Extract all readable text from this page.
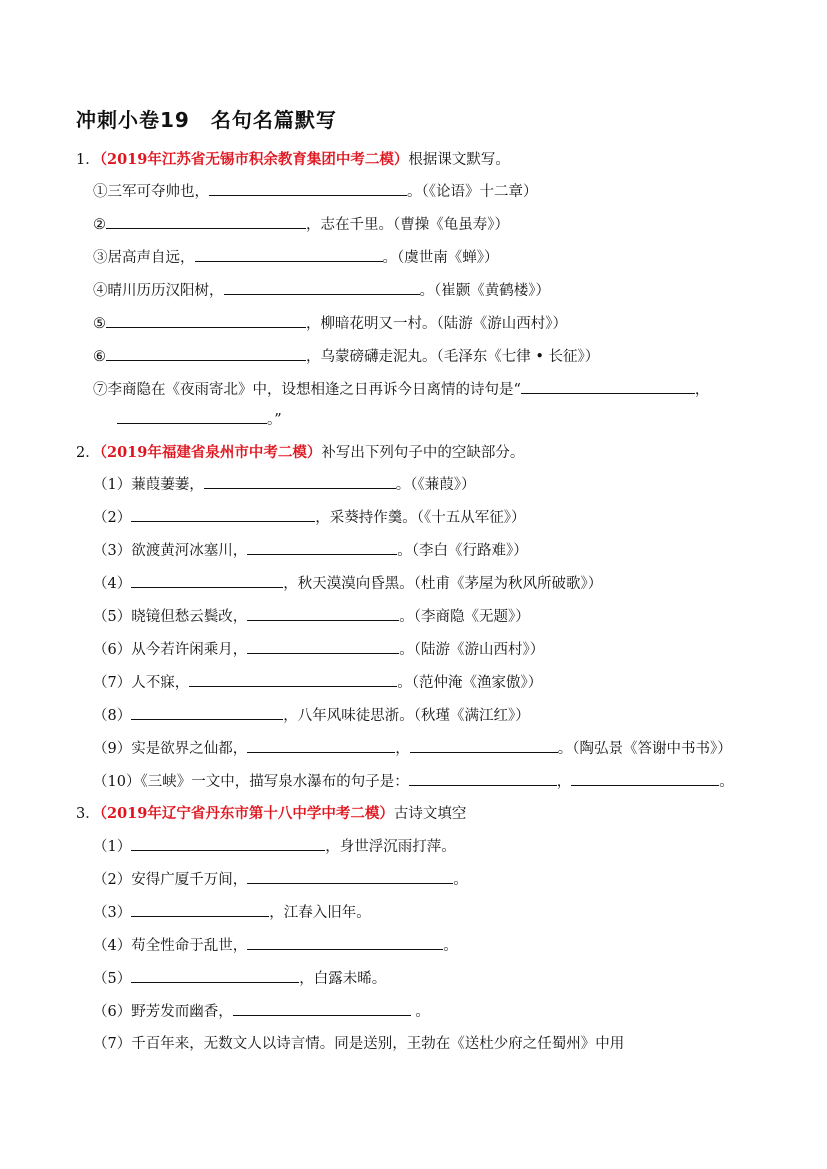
冲刺小卷19　名句名篇默写
1．（2019年江苏省无锡市积余教育集团中考二模）根据课文默写。
①三军可夺帅也，	。（《论语》十二章）
②	，志在千里。（曹操《龟虽寿》）
③居高声自远，	。（虞世南《蝉》）
④晴川历历汉阳树，	。（崔颢《黄鹤楼》）
⑤	，柳暗花明又一村。（陆游《游山西村》）
⑥	，乌蒙磅礴走泥丸。（毛泽东《七律 • 长征》）
⑦李商隐在《夜雨寄北》中，设想相逢之日再诉今日离情的诗句是“	，
。”
2．（2019年福建省泉州市中考二模）补写出下列句子中的空缺部分。
（1）蒹葭萋萋，	。（《蒹葭》）
（2）	，采葵持作羹。（《十五从军征》）
（3）欲渡黄河冰塞川，	。（李白《行路难》）
（4）	，秋天漠漠向昏黑。（杜甫《茅屋为秋风所破歌》）
（5）晓镜但愁云鬓改，	。（李商隐《无题》）
（6）从今若许闲乘月，	。（陆游《游山西村》）
（7）人不寐，	。（范仲淹《渔家傲》）
（8）	，八年风味徒思浙。（秋瑾《满江红》）
（9）实是欲界之仙都，	，	。（陶弘景《答谢中书书》）
（10）《三峡》一文中，描写泉水瀑布的句子是：	，	。
3．（2019年辽宁省丹东市第十八中学中考二模）古诗文填空
（1）	，身世浮沉雨打萍。
（2）安得广厦千万间，	。
（3）	，江春入旧年。
（4）苟全性命于乱世，	。
（5）	，白露未晞。
（6）野芳发而幽香，	。
（7）千百年来，无数文人以诗言情。同是送别，王勃在《送杜少府之任蜀州》中用
